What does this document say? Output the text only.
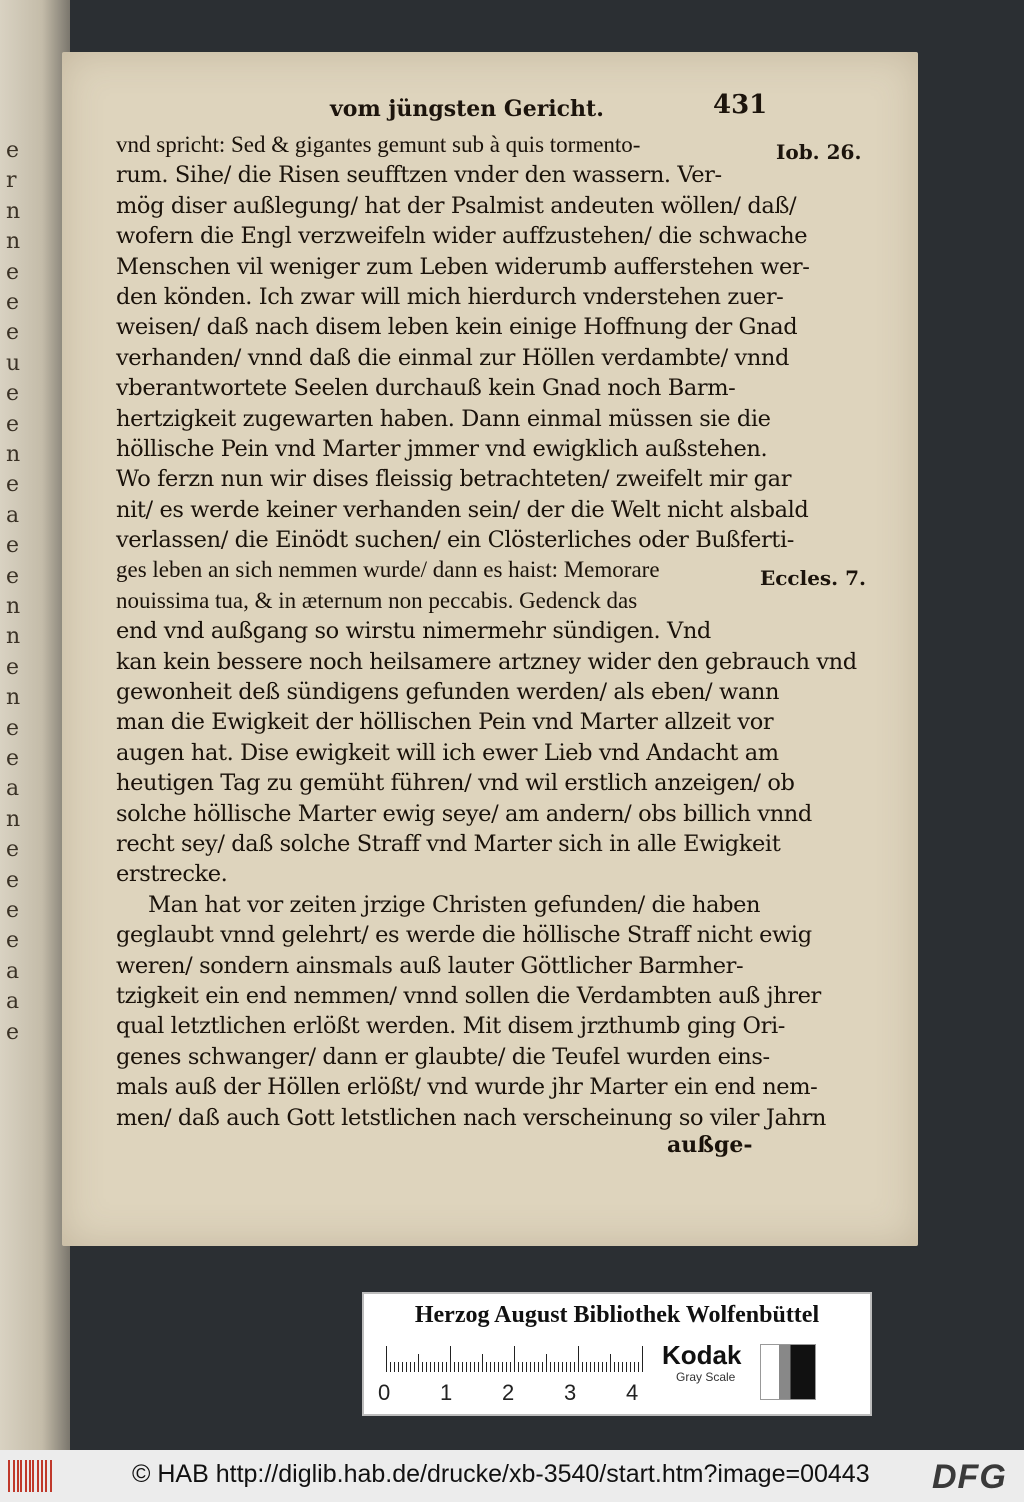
e
r
n
n
e
e
e
u
e
e
n
e
a
e
e
n
n
e
n
e
e
a
n
e
e
e
e
a
a
e
vom jüngsten Gericht.	431
Iob. 26.
Eccles. 7.
vnd spricht: Sed & gigantes gemunt sub à quis tormento-
rum. Sihe/ die Risen seufftzen vnder den wassern. Ver-
mög diser außlegung/ hat der Psalmist andeuten wöllen/ daß/
wofern die Engl verzweifeln wider auffzustehen/ die schwache
Menschen vil weniger zum Leben widerumb aufferstehen wer-
den könden. Ich zwar will mich hierdurch vnderstehen zuer-
weisen/ daß nach disem leben kein einige Hoffnung der Gnad
verhanden/ vnnd daß die einmal zur Höllen verdambte/ vnnd
vberantwortete Seelen durchauß kein Gnad noch Barm-
hertzigkeit zugewarten haben. Dann einmal müssen sie die
höllische Pein vnd Marter jmmer vnd ewigklich außstehen.
Wo ferzn nun wir dises fleissig betrachteten/ zweifelt mir gar
nit/ es werde keiner verhanden sein/ der die Welt nicht alsbald
verlassen/ die Einödt suchen/ ein Clösterliches oder Bußferti-
ges leben an sich nemmen wurde/ dann es haist: Memorare
nouissima tua, & in æternum non peccabis. Gedenck das
end vnd außgang so wirstu nimermehr sündigen. Vnd
kan kein bessere noch heilsamere artzney wider den gebrauch vnd
gewonheit deß sündigens gefunden werden/ als eben/ wann
man die Ewigkeit der höllischen Pein vnd Marter allzeit vor
augen hat. Dise ewigkeit will ich ewer Lieb vnd Andacht am
heutigen Tag zu gemüht führen/ vnd wil erstlich anzeigen/ ob
solche höllische Marter ewig seye/ am andern/ obs billich vnnd
recht sey/ daß solche Straff vnd Marter sich in alle Ewigkeit
erstrecke.
Man hat vor zeiten jrzige Christen gefunden/ die haben
geglaubt vnnd gelehrt/ es werde die höllische Straff nicht ewig
weren/ sondern ainsmals auß lauter Göttlicher Barmher-
tzigkeit ein end nemmen/ vnnd sollen die Verdambten auß jhrer
qual letztlichen erlößt werden. Mit disem jrzthumb ging Ori-
genes schwanger/ dann er glaubte/ die Teufel wurden eins-
mals auß der Höllen erlößt/ vnd wurde jhr Marter ein end nem-
men/ daß auch Gott letstlichen nach verscheinung so viler Jahrn
außge-
Herzog August Bibliothek Wolfenbüttel
0 1 2 3 4
Kodak
Gray Scale
© HAB http://diglib.hab.de/drucke/xb-3540/start.htm?image=00443 DFG
